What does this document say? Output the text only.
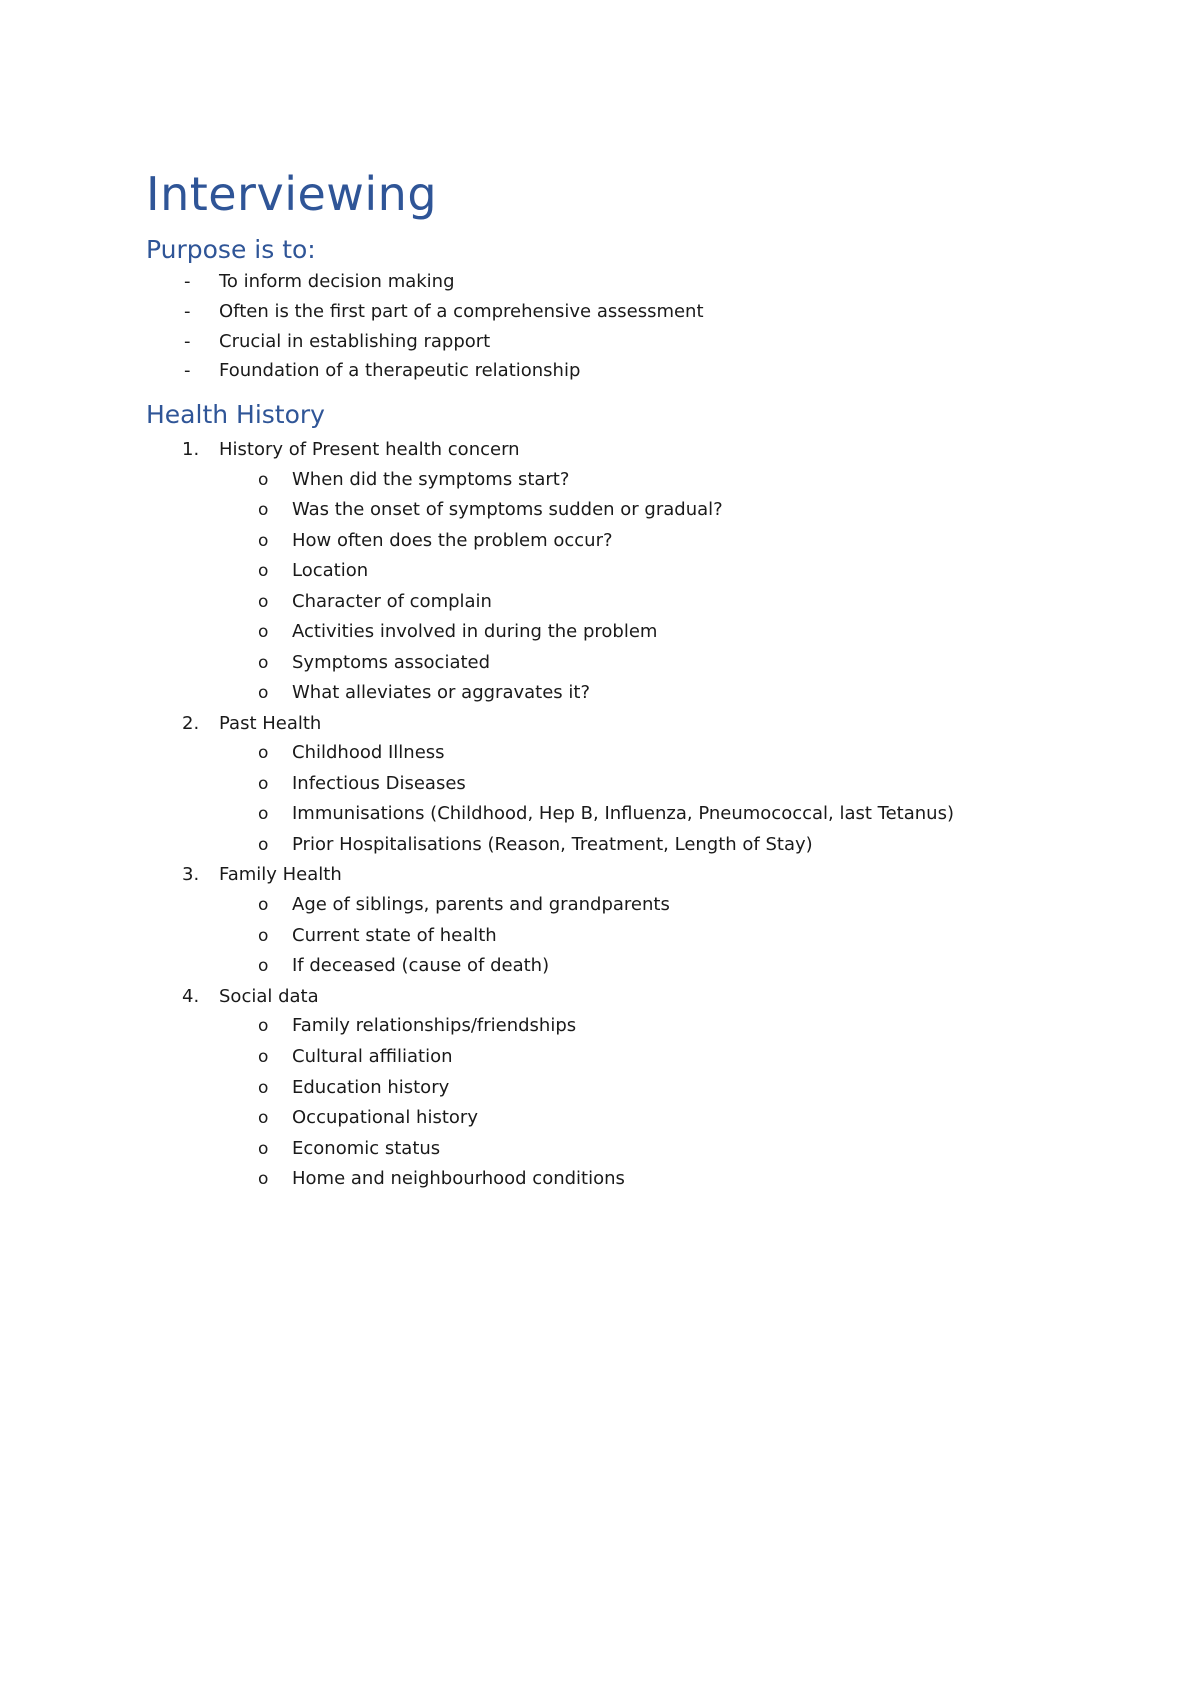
Interviewing
Purpose is to:
- To inform decision making
- Often is the first part of a comprehensive assessment
- Crucial in establishing rapport
- Foundation of a therapeutic relationship
Health History
1. History of Present health concern
o When did the symptoms start?
o Was the onset of symptoms sudden or gradual?
o How often does the problem occur?
o Location
o Character of complain
o Activities involved in during the problem
o Symptoms associated
o What alleviates or aggravates it?
2. Past Health
o Childhood Illness
o Infectious Diseases
o Immunisations (Childhood, Hep B, Influenza, Pneumococcal, last Tetanus)
o Prior Hospitalisations (Reason, Treatment, Length of Stay)
3. Family Health
o Age of siblings, parents and grandparents
o Current state of health
o If deceased (cause of death)
4. Social data
o Family relationships/friendships
o Cultural affiliation
o Education history
o Occupational history
o Economic status
o Home and neighbourhood conditions
